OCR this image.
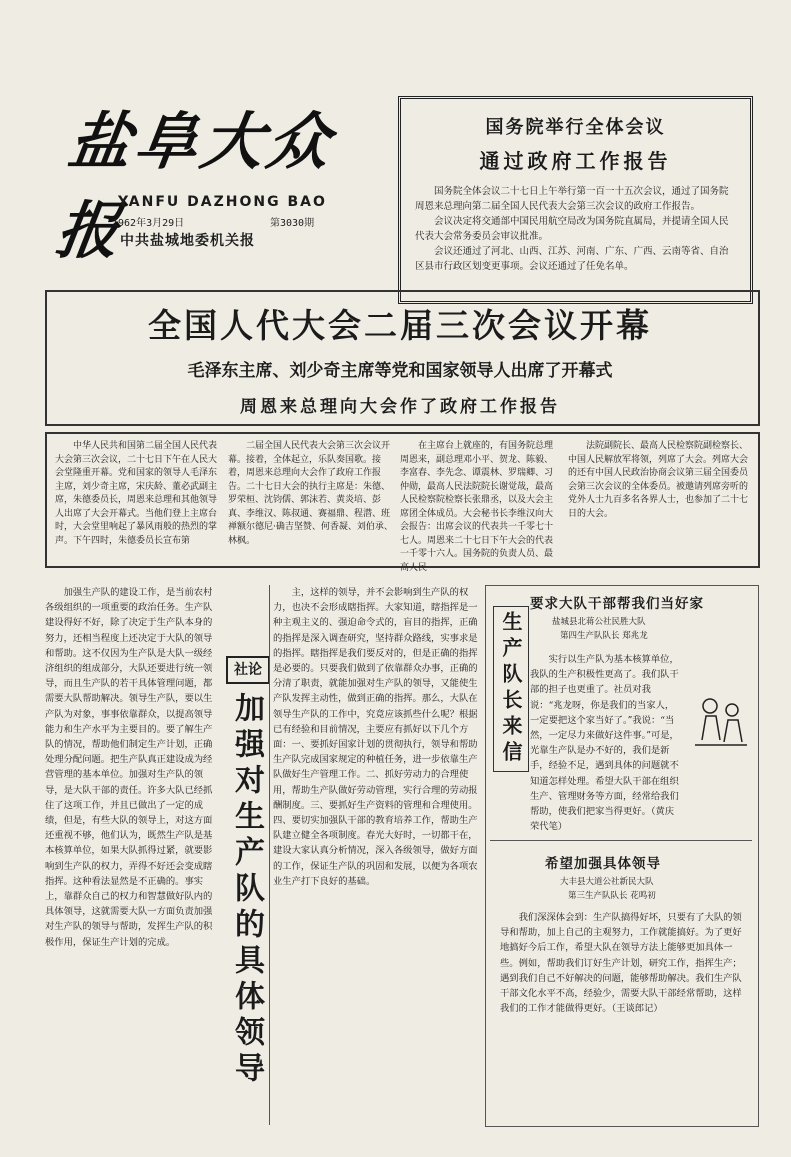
盐阜大众报
YANFU DAZHONG BAO
1962年3月29日	第3030期
中共盐城地委机关报
国务院举行全体会议
通过政府工作报告

国务院全体会议二十七日上午举行第一百一十五次会议，通过了国务院周恩来总理向第二届全国人民代表大会第三次会议的政府工作报告。

会议决定将交通部中国民用航空局改为国务院直属局，并提请全国人民代表大会常务委员会审议批准。

会议还通过了河北、山西、江苏、河南、广东、广西、云南等省、自治区县市行政区划变更事项。会议还通过了任免名单。

全国人代大会二届三次会议开幕
毛泽东主席、刘少奇主席等党和国家领导人出席了开幕式
周恩来总理向大会作了政府工作报告

中华人民共和国第二届全国人民代表大会第三次会议，二十七日下午在人民大会堂隆重开幕。党和国家的领导人毛泽东主席，刘少奇主席，宋庆龄、董必武副主席，朱德委员长，周恩来总理和其他领导人出席了大会开幕式。当他们登上主席台时，大会堂里响起了暴风雨般的热烈的掌声。下午四时，朱德委员长宣布第

二届全国人民代表大会第三次会议开幕。接着，全体起立，乐队奏国歌。接着，周恩来总理向大会作了政府工作报告。二十七日大会的执行主席是：朱德、罗荣桓、沈钧儒、郭沫若、黄炎培、彭真、李维汉、陈叔通、赛福鼎、程潜、班禅额尔德尼·确吉坚赞、何香凝、刘伯承、林枫。

在主席台上就座的，有国务院总理周恩来，副总理邓小平、贺龙、陈毅、李富春、李先念、谭震林、罗瑞卿、习仲勋，最高人民法院院长谢觉哉，最高人民检察院检察长张鼎丞，以及大会主席团全体成员。大会秘书长李维汉向大会报告：出席会议的代表共一千零七十七人。周恩来二十七日下午大会的代表一千零十六人。国务院的负责人员、最高人民

法院副院长、最高人民检察院副检察长、中国人民解放军将领，列席了大会。列席大会的还有中国人民政治协商会议第三届全国委员会第三次会议的全体委员。被邀请列席旁听的党外人士九百多名各界人士，也参加了二十七日的大会。

加强生产队的建设工作，是当前农村各级组织的一项重要的政治任务。生产队建设得好不好，除了决定于生产队本身的努力，还相当程度上还决定于大队的领导和帮助。这不仅因为生产队是大队一级经济组织的组成部分，大队还要进行统一领导，而且生产队的若干具体管理问题，都需要大队帮助解决。领导生产队，要以生产队为对象，事事依靠群众，以提高领导能力和生产水平为主要目的。要了解生产队的情况，帮助他们制定生产计划，正确处理分配问题。把生产队真正建设成为经营管理的基本单位。加强对生产队的领导，是大队干部的责任。许多大队已经抓住了这项工作，并且已做出了一定的成绩，但是，有些大队的领导上，对这方面还重视不够，他们认为，既然生产队是基本核算单位，如果大队抓得过紧，就要影响到生产队的权力，弄得不好还会变成瞎指挥。这种看法显然是不正确的。事实上，靠群众自己的权力和智慧做好队内的具体领导，这就需要大队一方面负责加强对生产队的领导与帮助，发挥生产队的积极作用，保证生产计划的完成。

社论
加强对生产队的具体领导

主，这样的领导，并不会影响到生产队的权力，也决不会形成瞎指挥。大家知道，瞎指挥是一种主观主义的、强迫命令式的，盲目的指挥，正确的指挥是深入调查研究，坚持群众路线，实事求是的指挥。瞎指挥是我们要反对的，但是正确的指挥是必要的。只要我们做到了依靠群众办事，正确的分清了职责，就能加强对生产队的领导，又能使生产队发挥主动性，做到正确的指挥。那么，大队在领导生产队的工作中，究竟应该抓些什么呢？根据已有经验和目前情况，主要应有抓好以下几个方面：一、要抓好国家计划的贯彻执行，领导和帮助生产队完成国家规定的种植任务，进一步依靠生产队做好生产管理工作。二、抓好劳动力的合理使用，帮助生产队做好劳动管理，实行合理的劳动报酬制度。三、要抓好生产资料的管理和合理使用。四、要切实加强队干部的教育培养工作，帮助生产队建立健全各项制度。春光大好时，一切都干在，建设大家认真分析情况，深入各级领导，做好方面的工作，保证生产队的巩固和发展，以便为各项农业生产打下良好的基础。

生产队长来信
要求大队干部帮我们当好家
盐城县北蒋公社民胜大队
第四生产队队长 郑兆龙

实行以生产队为基本核算单位，我队的生产积极性更高了。我们队干部的担子也更重了。社员对我说：“兆龙呀，你是我们的当家人，一定要把这个家当好了。”我说：“当然，一定尽力来做好这件事。”可是，光靠生产队是办不好的，我们是新手，经验不足，遇到具体的问题就不知道怎样处理。希望大队干部在组织生产、管理财务等方面，经常给我们帮助，使我们把家当得更好。（黄庆荣代笔）

希望加强具体领导
大丰县大道公社新民大队
第三生产队队长 花鸣初

我们深深体会到：生产队搞得好坏，只要有了大队的领导和帮助，加上自己的主观努力，工作就能搞好。为了更好地搞好今后工作，希望大队在领导方法上能够更加具体一些。例如，帮助我们订好生产计划，研究工作，指挥生产；遇到我们自己不好解决的问题，能够帮助解决。我们生产队干部文化水平不高，经验少，需要大队干部经常帮助，这样我们的工作才能做得更好。（王谈郎记）
